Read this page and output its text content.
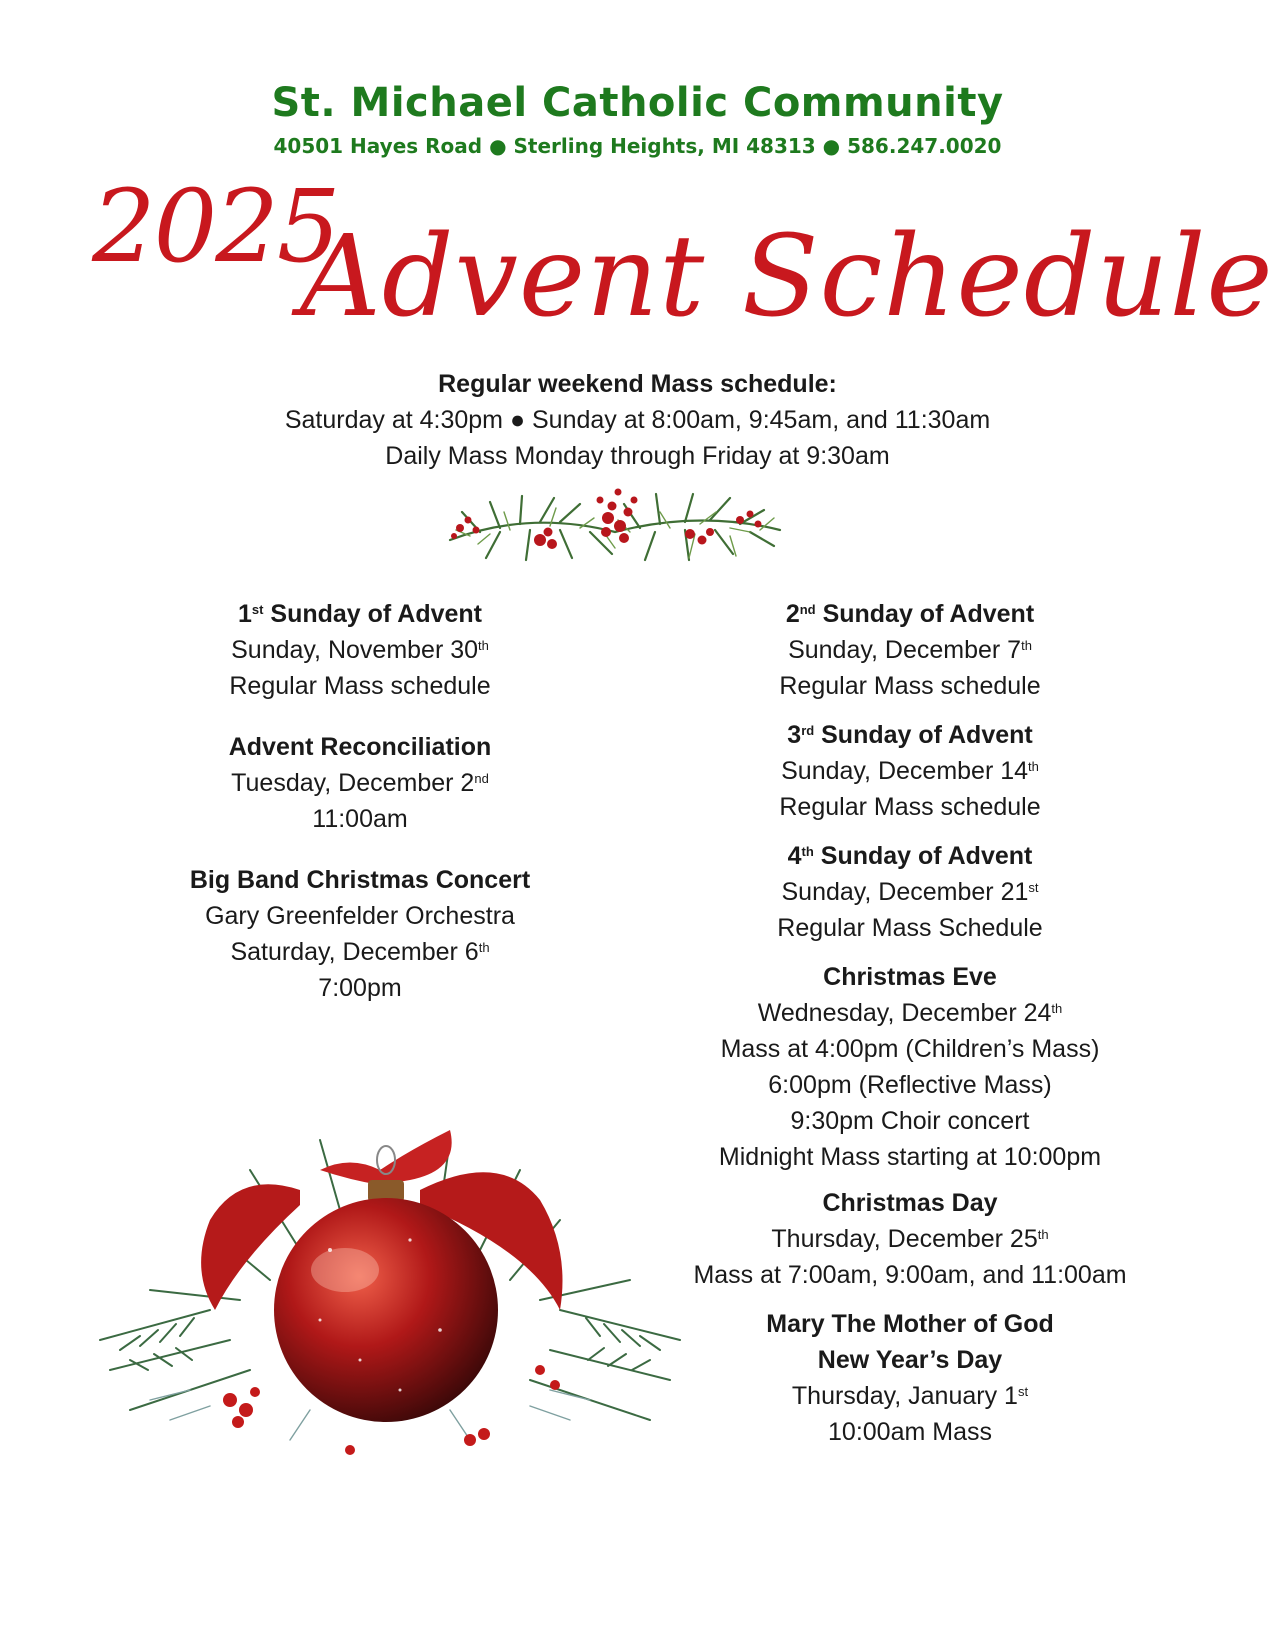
St. Michael Catholic Community
40501 Hayes Road ● Sterling Heights, MI 48313 ● 586.247.0020
2025
Advent Schedule
Regular weekend Mass schedule:
Saturday at 4:30pm ● Sunday at 8:00am, 9:45am, and 11:30am
Daily Mass Monday through Friday at 9:30am
1st Sunday of Advent
Sunday, November 30th
Regular Mass schedule
Advent Reconciliation
Tuesday, December 2nd
11:00am
Big Band Christmas Concert
Gary Greenfelder Orchestra
Saturday, December 6th
7:00pm
2nd Sunday of Advent
Sunday, December 7th
Regular Mass schedule
3rd Sunday of Advent
Sunday, December 14th
Regular Mass schedule
4th Sunday of Advent
Sunday, December 21st
Regular Mass Schedule
Christmas Eve
Wednesday, December 24th
Mass at 4:00pm (Children’s Mass)
6:00pm (Reflective Mass)
9:30pm Choir concert
Midnight Mass starting at 10:00pm
Christmas Day
Thursday, December 25th
Mass at 7:00am, 9:00am, and 11:00am
Mary The Mother of God
New Year’s Day
Thursday, January 1st
10:00am Mass
